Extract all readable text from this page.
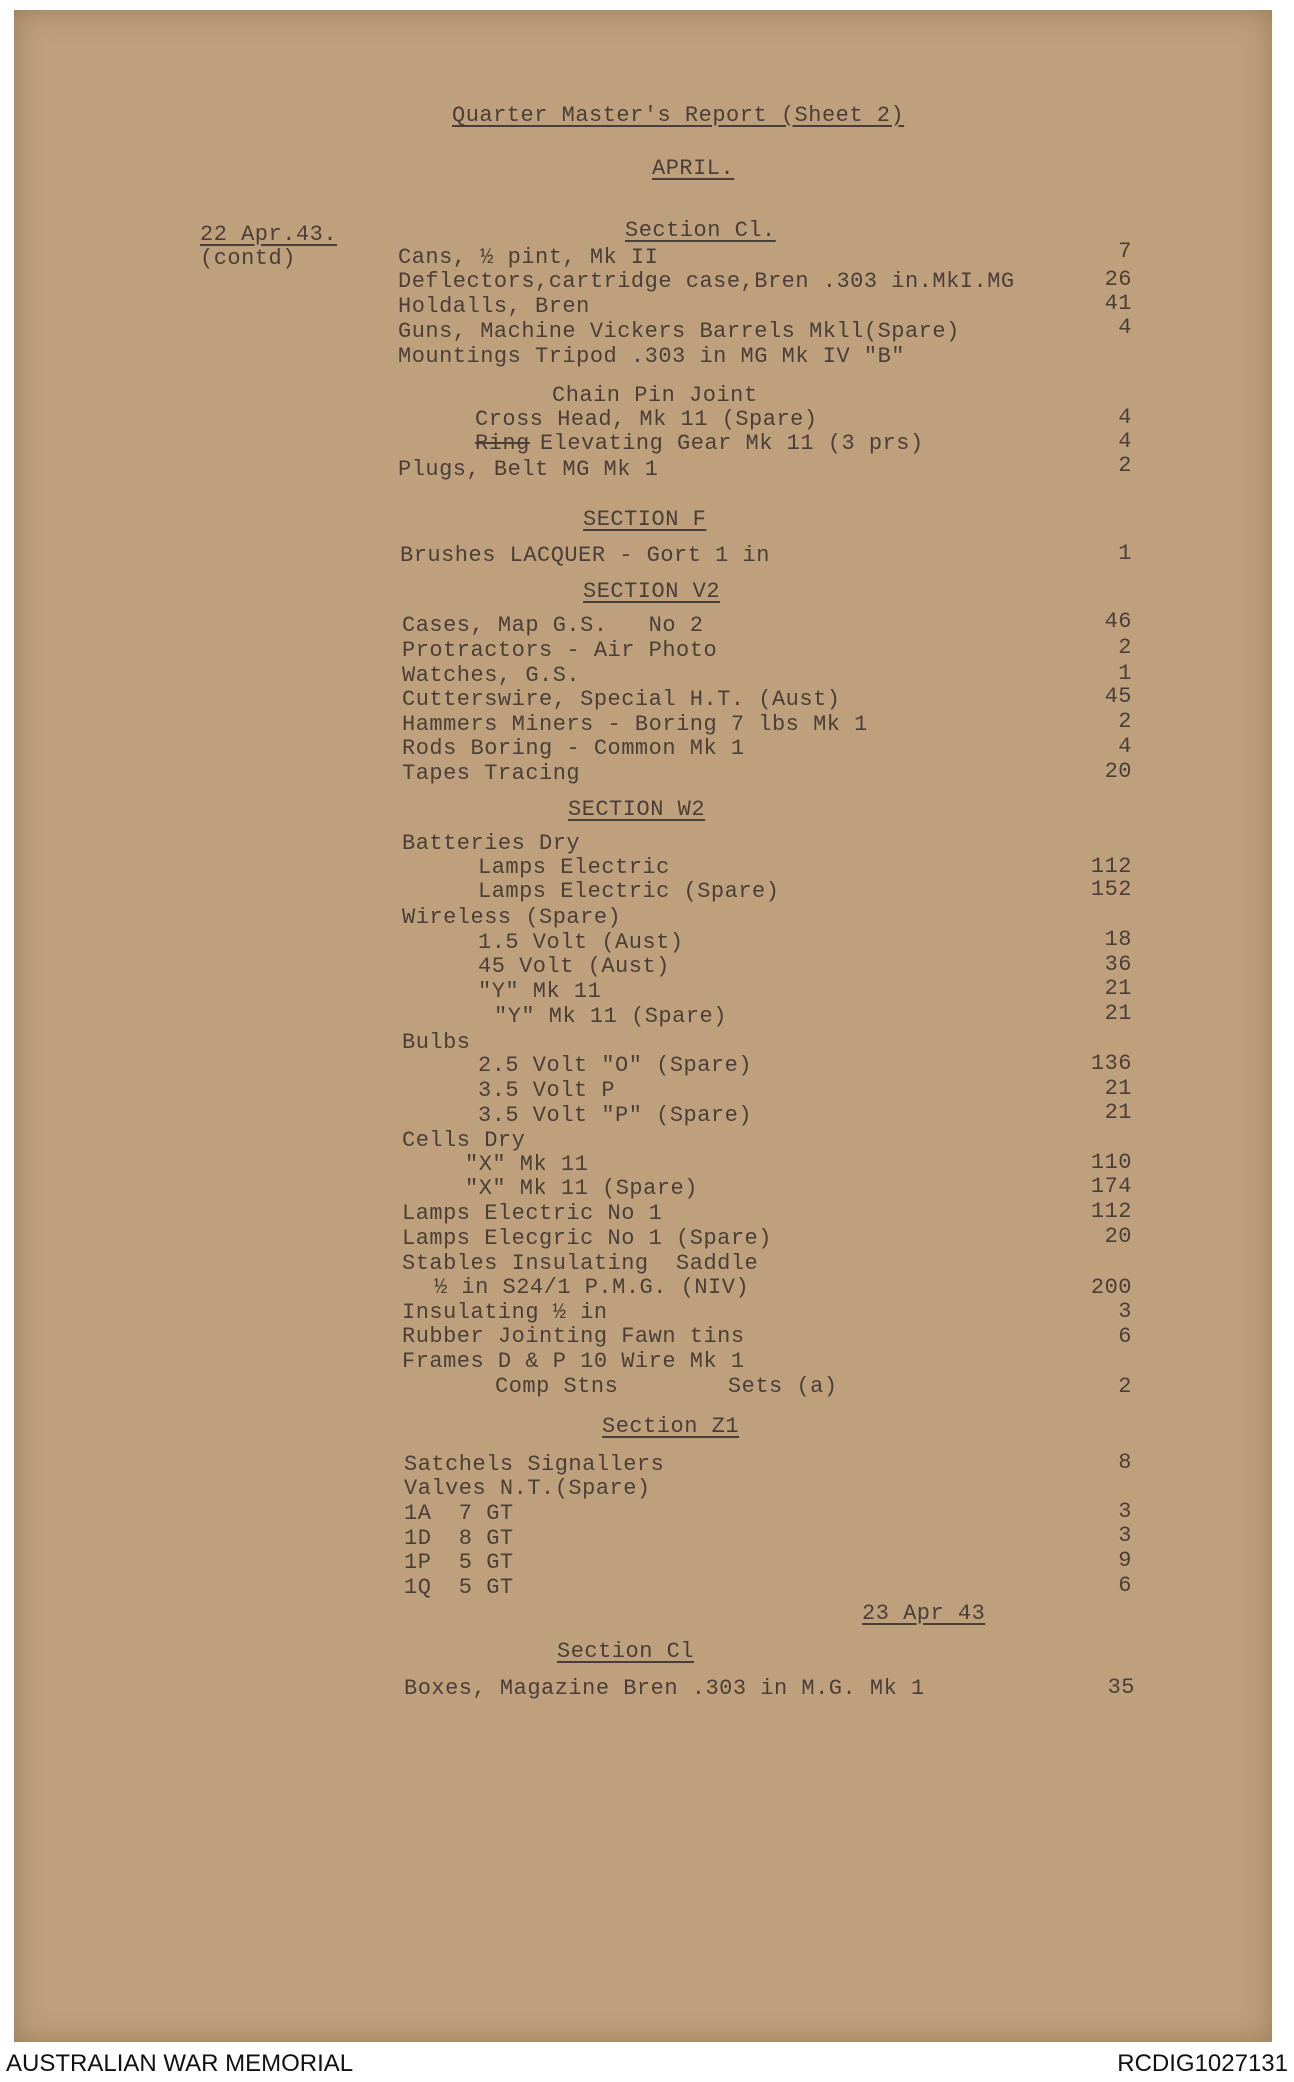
Quarter Master's Report (Sheet 2)
APRIL.
22 Apr.43.
(contd)
Section Cl.
Cans, ½ pint, Mk II	7
Deflectors,cartridge case,Bren .303 in.MkI.MG	26
Holdalls, Bren	41
Guns, Machine Vickers Barrels Mkll(Spare)	4
Mountings Tripod .303 in MG Mk IV "B"
Chain Pin Joint
Cross Head, Mk 11 (Spare)	4
Ring Elevating Gear Mk 11 (3 prs)	4
Plugs, Belt MG Mk 1	2
SECTION F
Brushes LACQUER - Gort 1 in	1
SECTION V2
Cases, Map G.S.   No 2	46
Protractors - Air Photo	2
Watches, G.S.	1
Cutterswire, Special H.T. (Aust)	45
Hammers Miners - Boring 7 lbs Mk 1	2
Rods Boring - Common Mk 1	4
Tapes Tracing	20
SECTION W2
Batteries Dry
Lamps Electric	112
Lamps Electric (Spare)	152
Wireless (Spare)
1.5 Volt (Aust)	18
45 Volt (Aust)	36
"Y" Mk 11	21
"Y" Mk 11 (Spare)	21
Bulbs
2.5 Volt "O" (Spare)	136
3.5 Volt P	21
3.5 Volt "P" (Spare)	21
Cells Dry
"X" Mk 11	110
"X" Mk 11 (Spare)	174
Lamps Electric No 1	112
Lamps Elecgric No 1 (Spare)	20
Stables Insulating  Saddle
½ in S24/1 P.M.G. (NIV)	200
Insulating ½ in	3
Rubber Jointing Fawn tins	6
Frames D & P 10 Wire Mk 1
Comp Stns        Sets (a)	2
Section Z1
Satchels Signallers	8
Valves N.T.(Spare)
1A  7 GT	3
1D  8 GT	3
1P  5 GT	9
1Q  5 GT	6
23 Apr 43
Section Cl
Boxes, Magazine Bren .303 in M.G. Mk 1	35
AUSTRALIAN WAR MEMORIAL	RCDIG1027131
